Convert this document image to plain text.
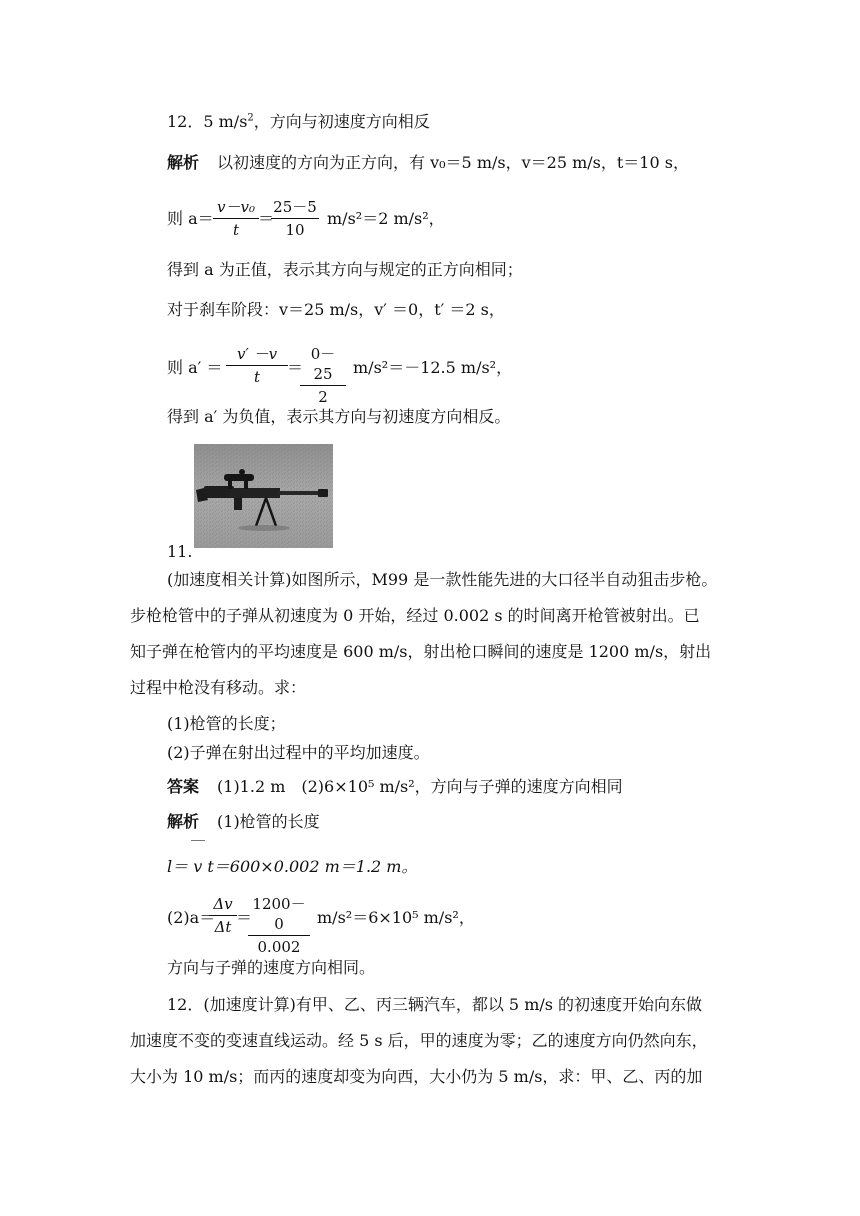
12．5 $m/s^2$，方向与初速度方向相反
解析 以初速度的方向为正方向，有 v₀＝5 m/s，v＝25 m/s，t＝10 s，
则 a＝
v－v₀
t
＝
25－5
10
m/s²＝2 m/s²，
得到 a 为正值，表示其方向与规定的正方向相同；
对于刹车阶段：v＝25 m/s，v′ ＝0，t′ ＝2 s，
则 a′ ＝
v′ －v
t	＝
0－25
2
m/s²＝－12.5 m/s²，
得到 a′ 为负值，表示其方向与初速度方向相反。
11.
(加速度相关计算)如图所示，M99 是一款性能先进的大口径半自动狙击步枪。
步枪枪管中的子弹从初速度为 0 开始，经过 0.002 s 的时间离开枪管被射出。已
知子弹在枪管内的平均速度是 600 m/s，射出枪口瞬间的速度是 1200 m/s，射出
过程中枪没有移动。求：
(1)枪管的长度；
(2)子弹在射出过程中的平均加速度。
答案 (1)1.2 m　(2)6×10⁵ m/s²，方向与子弹的速度方向相同
解析 (1)枪管的长度
l＝ v t＝600×0.002 m＝1.2 m。
(2)a＝
Δv
Δt ＝
1200－0
0.002
m/s²＝6×10⁵ m/s²，
方向与子弹的速度方向相同。
12．(加速度计算)有甲、乙、丙三辆汽车，都以 5 m/s 的初速度开始向东做
加速度不变的变速直线运动。经 5 s 后，甲的速度为零；乙的速度方向仍然向东，
大小为 10 m/s；而丙的速度却变为向西，大小仍为 5 m/s，求：甲、乙、丙的加
